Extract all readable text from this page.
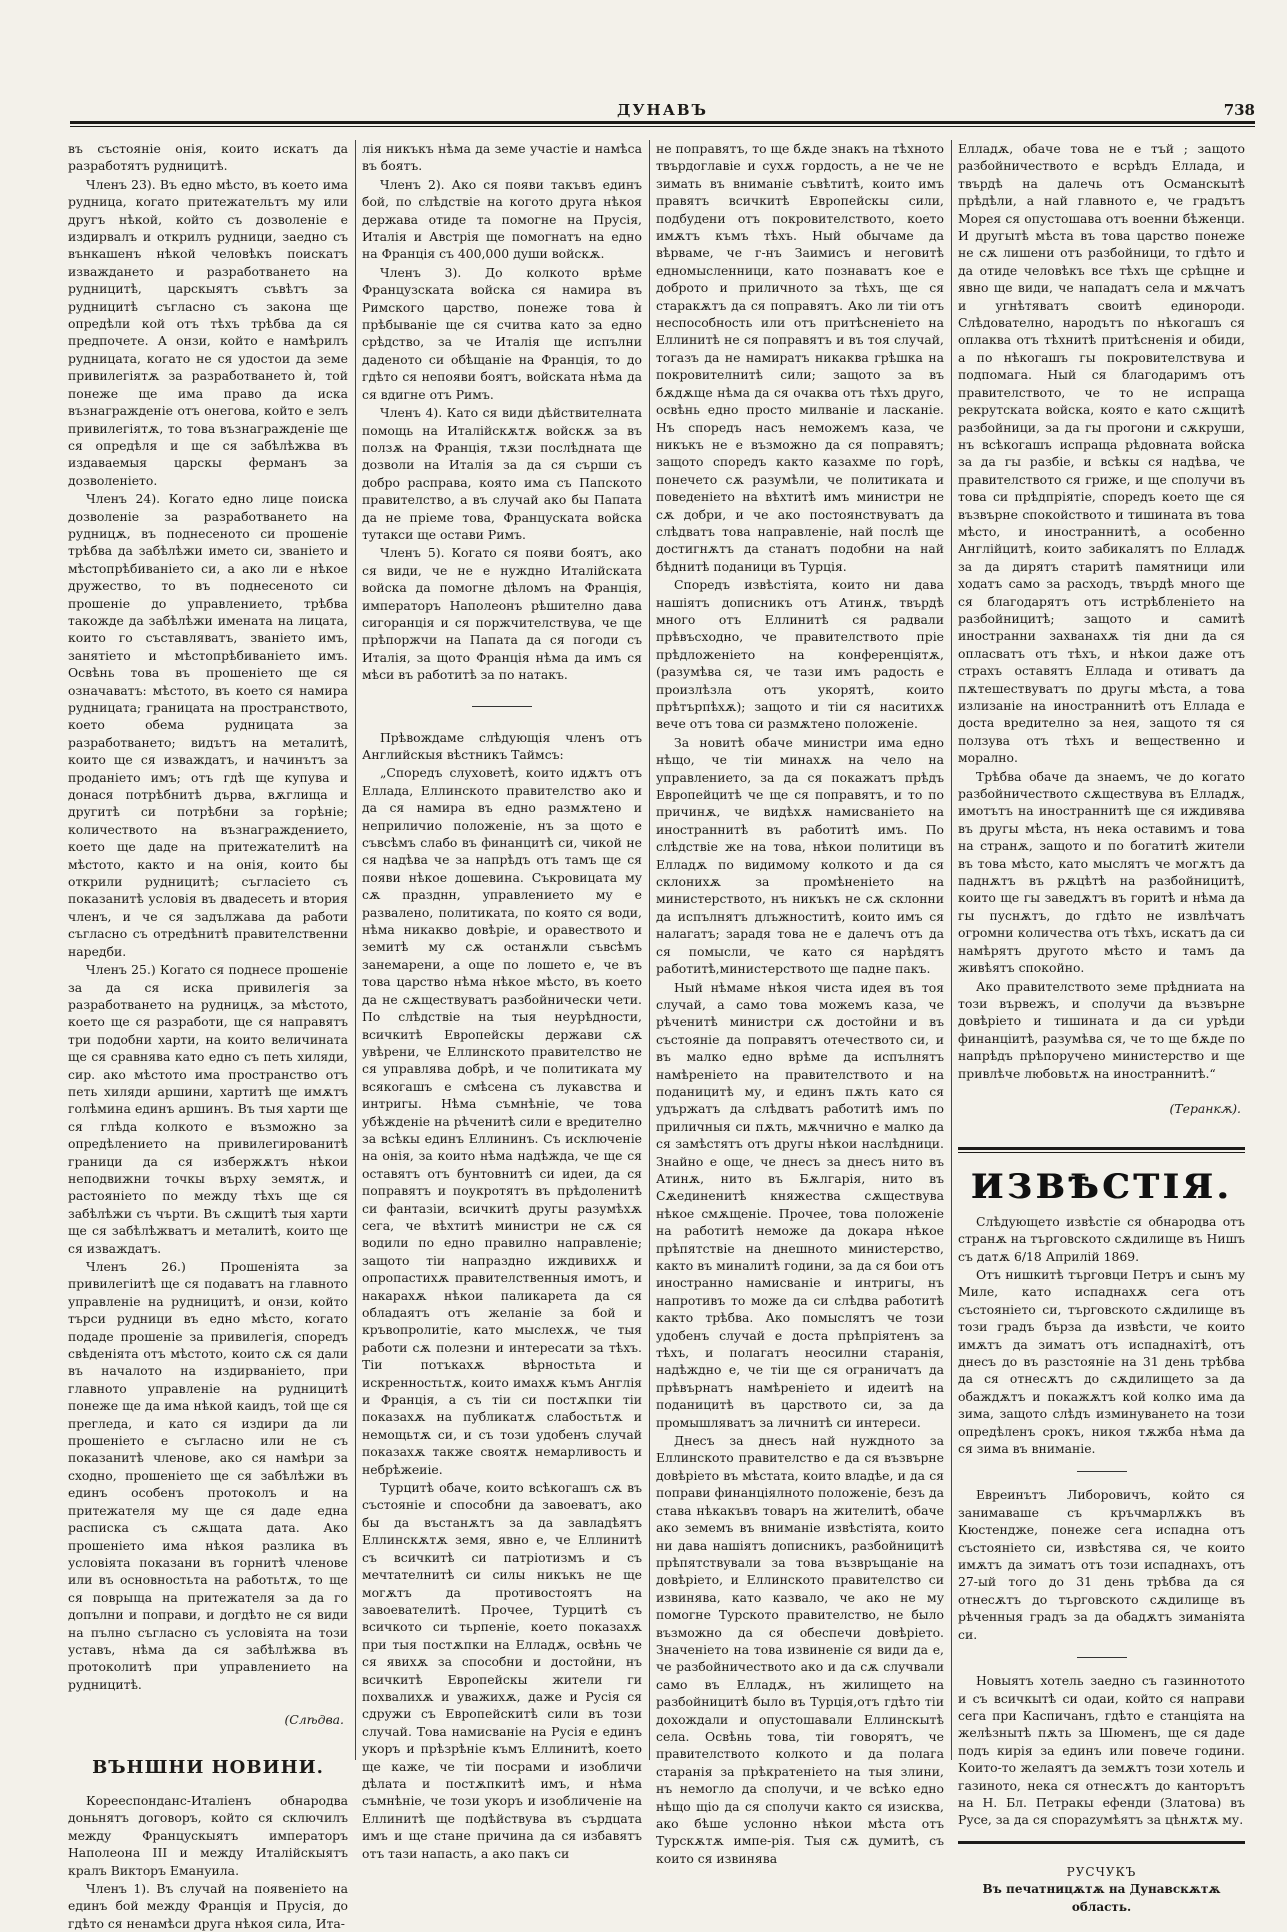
ДУНАВЪ	738

въ състояніе онія, които искатъ да разработятъ рудницитѣ.

Членъ 23). Въ едно мѣсто, въ което има рудница, когато притежательтъ му или другъ нѣкой, който съ дозволеніе е издирвалъ и открилъ рудници, заедно съ вънкашенъ нѣкой человѣкъ поискатъ изваждането и разработването на рудницитѣ, царскыятъ съвѣтъ за рудницитѣ съгласно съ закона ще опредѣли кой отъ тѣхъ трѣбва да ся предпочете. А онзи, който е намѣрилъ рудницата, когато не ся удостои да земе привилегіятѫ за разработването ѝ, той понеже ще има право да иска възнагражденіе отъ онегова, който е зелъ привилегіятѫ, то това възнагражденіе ще ся опредѣля и ще ся забѣлѣжва въ издаваемыя царскы ферманъ за дозволеніето.

Членъ 24). Когато едно лице поиска дозволеніе за разработването на рудницѫ, въ поднесеното си прошеніе трѣбва да забѣлѣжи името си, званіето и мѣстопрѣбиваніето си, а ако ли е нѣкое дружество, то въ поднесеното си прошеніе до управлението, трѣбва такожде да забѣлѣжи имената на лицата, които го съставляватъ, званіето имъ, занятіето и мѣстопрѣбиваніето имъ. Освѣнь това въ прошеніето ще ся означаватъ: мѣстото, въ което ся намира рудницата; границата на пространството, което обема рудницата за разработването; видътъ на металитѣ, които ще ся изваждатъ, и начинътъ за проданіето имъ; отъ гдѣ ще купува и донася потрѣбнитѣ дърва, вѫглища и другитѣ си потрѣбни за горѣніе; количеството на възнаграждението, което ще даде на притежателитѣ на мѣстото, както и на онія, които бы открили рудницитѣ; съгласіето съ показанитѣ условія въ двадесеть и втория членъ, и че ся задължава да работи съгласно съ отредѣнитѣ правителственни наредби.

Членъ 25.) Когато ся поднесе прошеніе за да ся иска привилегія за разработването на рудницѫ, за мѣстото, което ще ся разработи, ще ся направятъ три подобни харти, на които величината ще ся сравнява като едно съ петь хиляди, сир. ако мѣстото има пространство отъ петь хиляди аршини, хартитѣ ще имѫтъ голѣмина единъ аршинъ. Въ тыя харти ще ся глѣда колкото е възможно за опредѣлението на привилегированитѣ граници да ся избержѫтъ нѣкои неподвижни точкы върху земятѫ, и растояніето по между тѣхъ ще ся забѣлѣжи съ чърти. Въ сѫщитѣ тыя харти ще ся забѣлѣжватъ и металитѣ, които ще ся изваждатъ.

Членъ 26.) Прошеніята за привилегіитѣ ще ся подаватъ на главното управленіе на рудницитѣ, и онзи, който търси рудници въ едно мѣсто, когато подаде прошеніе за привилегія, споредъ свѣденіята отъ мѣстото, които сѫ ся дали въ началото на издирваніето, при главното управленіе на рудницитѣ понеже ще да има нѣкой каидъ, той ще ся прегледа, и като ся издири да ли прошеніето е съгласно или не съ показанитѣ членове, ако ся намѣри за сходно, прошеніето ще ся забѣлѣжи въ единъ особенъ протоколъ и на притежателя му ще ся даде една расписка съ сѫщата дата. Ако прошеніето има нѣкоя разлика въ условіята показани въ горнитѣ членове или въ основностьта на работьтѫ, то ще ся поврыща на притежателя за да го допълни и поправи, и догдѣто не ся види на пълно съгласно съ условіята на този уставъ, нѣма да ся забѣлѣжва въ протоколитѣ при управлението на рудницитѣ.

(Слѣдва.
ВЪНШНИ НОВИНИ.

Корееспонданс-Италіенъ обнародва доньнятъ договоръ, който ся сключилъ между Францускыятъ императоръ Наполеона III и между Италійскыятъ кралъ Викторъ Емануила.

Членъ 1). Въ случай на появеніето на единъ бой между Франція и Прусія, до гдѣто ся ненамѣси друга нѣкоя сила, Ита-

лія никъкъ нѣма да земе участіе и намѣса въ боятъ.

Членъ 2). Ако ся появи такъвъ единъ бой, по слѣдствіе на когото друга нѣкоя держава отиде та помогне на Прусія, Италія и Австрія ще помогнатъ на едно на Франція съ 400,000 души войскѫ.

Членъ 3). До колкото врѣме Французската войска ся намира въ Римского царство, понеже това ѝ прѣбываніе ще ся считва като за едно срѣдство, за че Италія ще испълни даденото си обѣщаніе на Франція, то до гдѣто ся непояви боятъ, войската нѣма да ся вдигне отъ Римъ.

Членъ 4). Като ся види дѣйствителната помощь на Италійскѫтѫ войскѫ за въ ползѫ на Франція, тѫзи послѣдната ще дозволи на Италія за да ся сърши съ добро расправа, която има съ Папското правителство, а въ случай ако бы Папата да не пріеме това, Француската войска тутакси ще остави Римъ.

Членъ 5). Когато ся появи боятъ, ако ся види, че не е нуждно Италійската войска да помогне дѣломъ на Франція, императоръ Наполеонъ рѣшително дава сигоранція и ся поржчителствува, че ще прѣпоржчи на Папата да ся погоди съ Италія, за щото Франція нѣма да имъ ся мѣси въ работитѣ за по натакъ.

Прѣвождаме слѣдующія членъ отъ Английскыя вѣстникъ Таймсъ:

„Споредъ слуховетѣ, които идѫтъ отъ Еллада, Еллинското правителство ако и да ся намира въ едно размѫтено и неприличио положеніе, нъ за щото е съвсѣмъ слабо въ финанцитѣ си, чикой не ся надѣва че за напрѣдъ отъ тамъ ще ся появи нѣкое дошевина. Съкровицата му сѫ празднн, управлението му е развалено, политиката, по която ся води, нѣма никакво довѣріе, и оравеството и земитѣ му сѫ останѫли съвсѣмъ занемарени, а още по лошето е, че въ това царство нѣма нѣкое мѣсто, въ което да не сѫществуватъ разбойнически чети. По слѣдствіе на тыя неурѣдности, всичкитѣ Европейскы держави сѫ увѣрени, че Еллинското правителство не ся управлява добрѣ, и че политиката му всякогашъ е смѣсена съ лукавства и интригы. Нѣма съмнѣніе, че това убѣжденіе на рѣченитѣ сили е вредително за всѣкы единъ Еллининъ. Съ исключеніе на онія, за които нѣма надѣжда, че ще ся оставятъ отъ бунтовнитѣ си идеи, да ся поправятъ и поукротятъ въ прѣдоленитѣ си фантазіи, всичкитѣ другы разумѣхѫ сега, че вѣхтитѣ министри не сѫ ся водили по едно правилно направленіе; защото тіи напраздно иждивихѫ и опропастихѫ правителственныя имотъ, и накарахѫ нѣкои паликарета да ся обладаятъ отъ желаніе за бой и кръвопролитіе, като мыслехѫ, че тыя работи сѫ полезни и интересати за тѣхъ. Тіи потъкахѫ вѣрностьта и искренностьтѫ, които имахѫ къмъ Англія и Франція, а съ тіи си постѫпки тіи показахѫ на публикатѫ слабостьтѫ и немощьтѫ си, и съ този удобенъ случай показахѫ также своятѫ немарливость и небрѣжеиіе.

Турцитѣ обаче, които всѣкогашъ сѫ въ състояніе и способни да завоеватъ, ако бы да въстанѫтъ за да завладѣятъ Еллинскѫтѫ земя, явно е, че Еллинитѣ съ всичкитѣ си патріотизмъ и съ мечтателнитѣ си силы никъкъ не ще могѫтъ да противостоятъ на завоевателитѣ. Прочее, Турцитѣ съ всичкото си тьрпеніе, което показахѫ при тыя постѫпки на Елладѫ, освѣнь че ся явихѫ за способни и достойни, нъ всичкитѣ Европейскы жители ги похвалихѫ и уважихѫ, даже и Русія ся сдружи съ Европейскитѣ сили въ този случай. Това намисваніе на Русія е единъ укоръ и прѣзрѣніе къмъ Еллинитѣ, което ще каже, че тіи посрами и изобличи дѣлата и постѫпкитѣ имъ, и нѣма съмнѣніе, че този укоръ и изобличеніе на Еллинитѣ ще подѣйствува въ сърдцата имъ и ще стане причина да ся избавятъ отъ тази напасть, а ако пакъ си

не поправятъ, то ще бѫде знакъ на тѣхното твърдоглавіе и сухѫ гордость, а не че не зимать въ вниманіе съвѣтитѣ, които имъ правятъ всичкитѣ Европейскы сили, подбудени отъ покровителството, което имѫтъ къмъ тѣхъ. Ный обычаме да вѣрваме, че г-нъ Заимисъ и неговитѣ едномысленници, като познаватъ кое е доброто и приличното за тѣхъ, ще ся старакѫтъ да ся поправятъ. Ако ли тіи отъ неспособность или отъ притѣсненіето на Еллинитѣ не ся поправятъ и въ тоя случай, тогазъ да не намиратъ никаква грѣшка на покровителнитѣ сили; защото за въ бѫдѫще нѣма да ся очаква отъ тѣхъ друго, освѣнь едно просто милваніе и ласканіе. Нъ споредъ насъ неможемъ каза, че никъкъ не е възможно да ся поправятъ; защото споредъ както казахме по горѣ, понечето сѫ разумѣли, че политиката и поведеніето на вѣхтитѣ имъ министри не сѫ добри, и че ако постоянствуватъ да слѣдватъ това направленіе, най послѣ ще достигнѫтъ да станатъ подобни на най бѣднитѣ поданици въ Турція.

Споредъ извѣстіята, които ни дава нашіятъ дописникъ отъ Атинѫ, твърдѣ много отъ Еллинитѣ ся радвали прѣвъсходно, че правителството пріе прѣдложеніето на конференціятѫ, (разумѣва ся, че тази имъ радость е произлѣзла отъ укорятѣ, които прѣтърпѣхѫ); защото и тіи ся наситихѫ вече отъ това си размѫтено положеніе.

За новитѣ обаче министри има едно нѣщо, че тіи минахѫ на чело на управлението, за да ся покажатъ прѣдъ Европейцитѣ че ще ся поправятъ, и то по причинѫ, че видѣхѫ намисваніето на иностраннитѣ въ работитѣ имъ. По слѣдствіе же на това, нѣкои политици въ Елладѫ по видимому колкото и да ся склонихѫ за промѣненіето на министерството, нъ никъкъ не сѫ склонни да испълнятъ длъжноститѣ, които имъ ся налагатъ; зарадя това не е далечъ отъ да ся помысли, че като ся нарѣдятъ работитѣ,министерството ще падне пакъ.

Ный нѣмаме нѣкоя чиста идея въ тоя случай, а само това можемъ каза, че рѣченитѣ министри сѫ достойни и въ състояніе да поправятъ отечеството си, и въ малко едно врѣме да испълнятъ намѣреніето на правителството и на поданицитѣ му, и единъ пѫть като ся удържатъ да слѣдватъ работитѣ имъ по приличныя си пѫть, мѫчнично е малко да ся замѣстятъ отъ другы нѣкои наслѣдници. Знайно е още, че днесъ за днесъ нито въ Атинѫ, нито въ Бѫлгарія, нито въ Сѫединенитѣ княжества сѫществува нѣкое смѫщеніе. Прочее, това положеніе на работитѣ неможе да докара нѣкое прѣпятствіе на днешното министерство, както въ миналитѣ години, за да ся бои отъ иностранно намисваніе и интригы, нъ напротивъ то може да си слѣдва работитѣ както трѣбва. Ако помыслятъ че този удобенъ случай е доста прѣпріятенъ за тѣхъ, и полагатъ неосилни старанія, надѣждно е, че тіи ще ся ограничатъ да прѣвърнатъ намѣреніето и идеитѣ на поданицитѣ въ царството си, за да промышляватъ за личнитѣ си интереси.

Днесъ за днесъ най нуждното за Еллинското правителство е да ся възвърне довѣріето въ мѣстата, които владѣе, и да ся поправи финанціялното положеніе, безъ да става нѣкакъвъ товаръ на жителитѣ, обаче ако земемъ въ вниманіе извѣстіята, които ни дава нашіятъ дописникъ, разбойницитѣ прѣпятствували за това възвръщаніе на довѣріето, и Еллинското правителство си извинява, като казвало, че ако не му помогне Турското правителство, не было възможно да ся обеспечи довѣріето. Значеніето на това извиненіе ся види да е, че разбойничеството ако и да сѫ случвали само въ Елладѫ, нъ жилището на разбойницитѣ было въ Турція,отъ гдѣто тіи дохождали и опустошавали Еллинскытѣ села. Освѣнь това, тіи говорятъ, че правителството колкото и да полага старанія за прѣкратеніето на тыя злини, нъ немогло да сполучи, и че всѣко едно нѣщо щіо да ся сполучи както ся изисква, ако бѣше услонно нѣкои мѣста отъ Турскѫтѫ импе-рія. Тыя сѫ думитѣ, съ които ся извинява

Елладѫ, обаче това не е тъй ; защото разбойничеството е всрѣдъ Еллада, и твърдѣ на далечь отъ Османскытѣ прѣдѣли, а най главното е, че градътъ Морея ся опустошава отъ военни бѣженци. И другытѣ мѣста въ това царство понеже не сѫ лишени отъ разбойници, то гдѣто и да отиде человѣкъ все тѣхъ ще срѣщне и явно ще види, че нападатъ села и мѫчатъ и угнѣтяватъ своитѣ единороди. Слѣдователно, народътъ по нѣкогашъ ся оплаква отъ тѣхнитѣ притѣсненія и обиди, а по нѣкогашъ гы покровителствува и подпомага. Ный ся благодаримъ отъ правителството, че то не испраща рекрутската войска, която е като сѫщитѣ разбойници, за да гы прогони и сѫкруши, нъ всѣкогашъ испраща рѣдовната войска за да гы разбіе, и всѣкы ся надѣва, че правителството ся гриже, и ще сполучи въ това си прѣдпріятіе, споредъ което ще ся възвърне спокойството и тишината въ това мѣсто, и иностраннитѣ, а особенно Англійцитѣ, които забикалятъ по Елладѫ за да дирятъ старитѣ памятници или ходатъ само за расходъ, твърдѣ много ще ся благодарятъ отъ истрѣбленіето на разбойницитѣ; защото и самитѣ иностранни захванахѫ тія дни да ся опласватъ отъ тѣхъ, и нѣкои даже отъ страхъ оставятъ Еллада и отиватъ да пѫтешествуватъ по другы мѣста, а това излизаніе на иностраннитѣ отъ Еллада е доста вредително за нея, защото тя ся ползува отъ тѣхъ и вещественно и морално.

Трѣбва обаче да знаемъ, че до когато разбойничеството сѫществува въ Елладѫ, имотътъ на иностраннитѣ ще ся иждивява въ другы мѣста, нъ нека оставимъ и това на странѫ, защото и по богатитѣ жители въ това мѣсто, като мыслятъ че могѫтъ да паднѫтъ въ рѫцѣтѣ на разбойницитѣ, които ще гы заведѫтъ въ горитѣ и нѣма да гы пуснѫтъ, до гдѣто не извлѣчатъ огромни количества отъ тѣхъ, искатъ да си намѣрятъ другото мѣсто и тамъ да живѣятъ спокойно.

Ако правителството земе прѣдниата на този вървежъ, и сполучи да възвърне довѣріето и тишината и да си урѣди финанціитѣ, разумѣва ся, че то ще бѫде по напрѣдъ прѣпоручено министерство и ще привлѣче любовьтѫ на иностраннитѣ.“

(Теранкѫ).
ИЗВѢСТІЯ.

Слѣдующето извѣстіе ся обнародва отъ странѫ на търговското сѫдилище въ Нишъ съ датѫ 6/18 Априлій 1869.

Отъ нишкитѣ търговци Петръ и сынъ му Миле, като испаднахѫ сега отъ състояніето си, търговското сѫдилище въ този градъ бързa да извѣсти, че които имѫтъ да зиматъ отъ испаднахітѣ, отъ днесъ до въ разстояніе на 31 день трѣбва да ся отнесѫтъ до сѫдилището за да обаждѫтъ и покажѫтъ кой колко има да зима, защото слѣдъ изминуването на този опредѣленъ срокъ, никоя тѫжба нѣма да ся зима въ вниманіе.

Евреинътъ Либоровичъ, който ся занимаваше съ кръчмарлѫкъ въ Кюстендже, понеже сега испадна отъ състояніето си, извѣстява ся, че които имѫтъ да зиматъ отъ този испаднахъ, отъ 27-ый того до 31 день трѣбва да ся отнесѫтъ до търговското сѫдилище въ рѣченныя градъ за да обадѫтъ зиманіята си.

Новыятъ хотель заедно съ газиннотото и съ всичкытѣ си одаи, който ся направи сега при Каспичанъ, гдѣто е станціята на желѣзнытѣ пѫть за Шюменъ, ще ся даде подъ кирія за единъ или повече години. Които-то желаятъ да земѫтъ този хотель и газиното, нека ся отнесѫтъ до канторътъ на Н. Бл. Петракы ефенди (Златова) въ Русе, за да ся спораzумѣятъ за цѣнѫтѫ му.

РУСЧУКЪ
Въ печатницѫтѫ на Дунавскѫтѫ область.
